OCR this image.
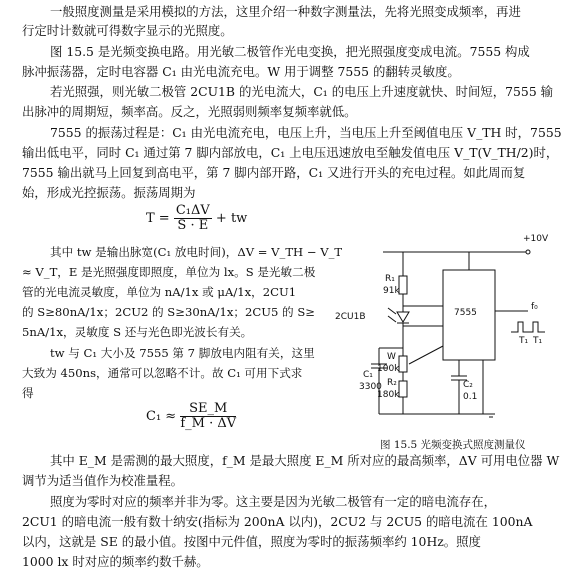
一般照度测量是采用模拟的方法，这里介绍一种数字测量法，先将光照变成频率，再进
行定时计数就可得数字显示的光照度。
图 15.5 是光频变换电路。用光敏二极管作光电变换，把光照强度变成电流。7555 构成
脉冲振荡器，定时电容器 C₁ 由光电流充电。W 用于调整 7555 的翻转灵敏度。
若光照强，则光敏二极管 2CU1B 的光电流大，C₁ 的电压上升速度就快、时间短，7555 输
出脉冲的周期短，频率高。反之，光照弱则频率复频率就低。
7555 的振荡过程是：C₁ 由光电流充电，电压上升，当电压上升至阈值电压 V_TH 时，7555
输出低电平，同时 C₁ 通过第 7 脚内部放电，C₁ 上电压迅速放电至触发值电压 V_T(V_TH/2)时，
7555 输出就马上回复到高电平，第 7 脚内部开路，C₁ 又进行开头的充电过程。如此周而复
始，形成光控振荡。振荡周期为
$T = \frac{\text{C₁ΔV}}{S \cdot E}$ + tw
其中 tw 是输出脉宽(C₁ 放电时间)，ΔV = V_TH − V_T
≈ V_T，E 是光照强度即照度，单位为 lx。S 是光敏二极
管的光电流灵敏度，单位为 nA/1x 或 μA/1x，2CU1
的 S≥80nA/1x；2CU2 的 S≥30nA/1x；2CU5 的 S≥
5nA/1x，灵敏度 S 还与光色即光波长有关。
tw 与 C₁ 大小及 7555 第 7 脚放电内阻有关，这里
大致为 450ns，通常可以忽略不计。故 C₁ 可用下式求
得
$C_1 \approx \frac{SE\_M}{f\_M \cdot \Delta V}$
+10V
R₁
91k
2CU1B	7555
W
100k
R₂
180k
C₁
3300	C₂
0.1
f₀
T₁ T₁
图 15.5 光频变换式照度测量仪
其中 E_M 是需测的最大照度，f_M 是最大照度 E_M 所对应的最高频率，ΔV 可用电位器 W
调节为适当值作为校准量程。
照度为零时对应的频率并非为零。这主要是因为光敏二极管有一定的暗电流存在，
2CU1 的暗电流一般有数十纳安(指标为 200nA 以内)，2CU2 与 2CU5 的暗电流在 100nA
以内，这就是 SE 的最小值。按图中元件值，照度为零时的振荡频率约 10Hz。照度
1000 lx 时对应的频率约数千赫。
